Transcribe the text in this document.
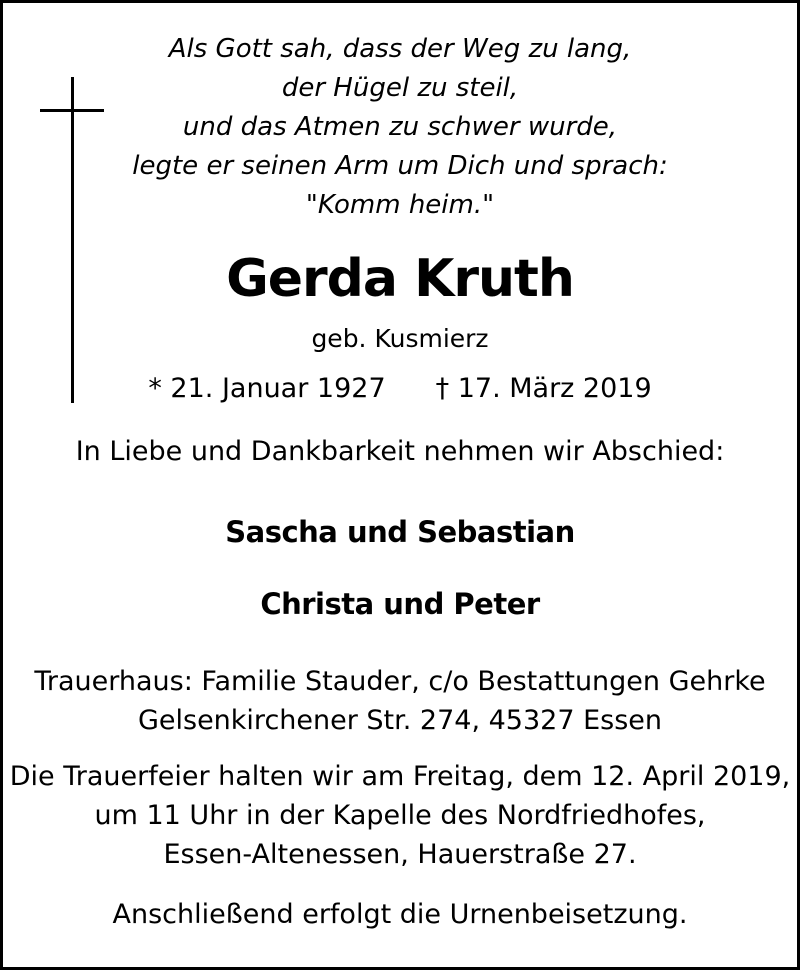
Als Gott sah, dass der Weg zu lang,
der Hügel zu steil,
und das Atmen zu schwer wurde,
legte er seinen Arm um Dich und sprach:
"Komm heim."
Gerda Kruth
geb. Kusmierz
* 21. Januar 1927 † 17. März 2019
In Liebe und Dankbarkeit nehmen wir Abschied:
Sascha und Sebastian
Christa und Peter
Trauerhaus: Familie Stauder, c/o Bestattungen Gehrke
Gelsenkirchener Str. 274, 45327 Essen
Die Trauerfeier halten wir am Freitag, dem 12. April 2019,
um 11 Uhr in der Kapelle des Nordfriedhofes,
Essen-Altenessen, Hauerstraße 27.
Anschließend erfolgt die Urnenbeisetzung.
